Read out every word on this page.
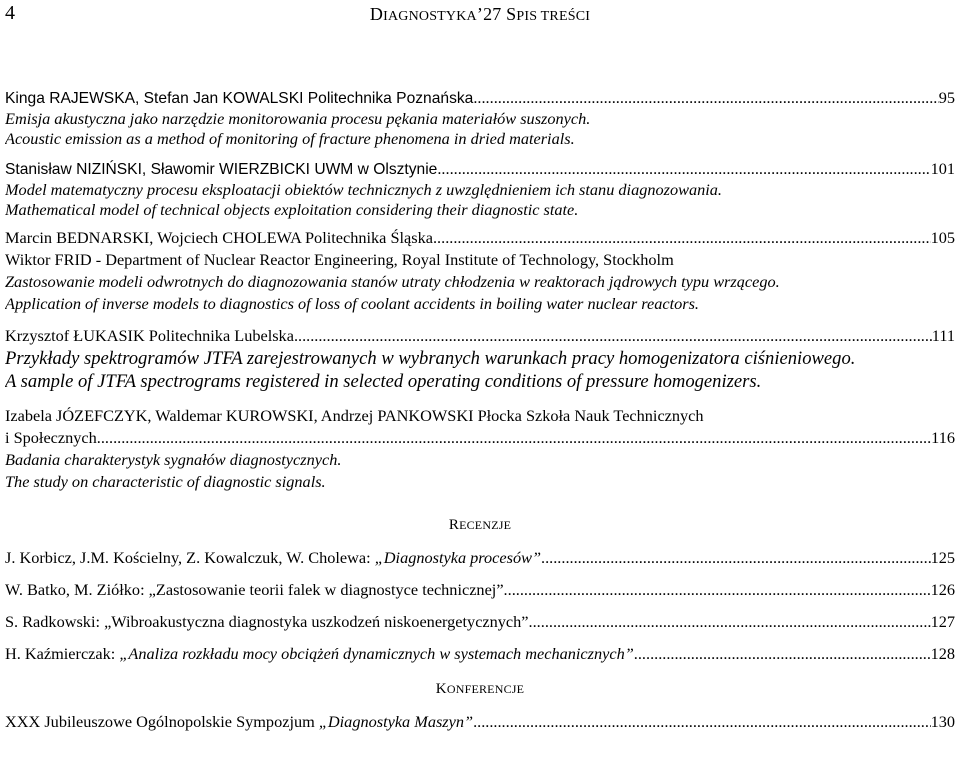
4	DIAGNOSTYKA’27 SPIS TREŚCI
Kinga RAJEWSKA, Stefan Jan KOWALSKI Politechnika Poznańska .....	95
Emisja akustyczna jako narzędzie monitorowania procesu pękania materiałów suszonych.
Acoustic emission as a method of monitoring of fracture phenomena in dried materials.
Stanisław NIZIŃSKI, Sławomir WIERZBICKI UWM w Olsztynie .....	101
Model matematyczny procesu eksploatacji obiektów technicznych z uwzględnieniem ich stanu diagnozowania.
Mathematical model of technical objects exploitation considering their diagnostic state.
Marcin BEDNARSKI, Wojciech CHOLEWA Politechnika Śląska .....	105
Wiktor FRID - Department of Nuclear Reactor Engineering, Royal Institute of Technology, Stockholm
Zastosowanie modeli odwrotnych do diagnozowania stanów utraty chłodzenia w reaktorach jądrowych typu wrzącego.
Application of inverse models to diagnostics of loss of coolant accidents in boiling water nuclear reactors.
Krzysztof ŁUKASIK Politechnika Lubelska .....	111
Przykłady spektrogramów JTFA zarejestrowanych w wybranych warunkach pracy homogenizatora ciśnieniowego.
A sample of JTFA spectrograms registered in selected operating conditions of pressure homogenizers.
Izabela JÓZEFCZYK, Waldemar KUROWSKI, Andrzej PANKOWSKI Płocka Szkoła Nauk Technicznych
i Społecznych .....	116
Badania charakterystyk sygnałów diagnostycznych.
The study on characteristic of diagnostic signals.
RECENZJE
J. Korbicz, J.M. Kościelny, Z. Kowalczuk, W. Cholewa: „Diagnostyka procesów” .....	125
W. Batko, M. Ziółko: „Zastosowanie teorii falek w diagnostyce technicznej” .....	126
S. Radkowski: „Wibroakustyczna diagnostyka uszkodzeń niskoenergetycznych” .....	127
H. Kaźmierczak: „Analiza rozkładu mocy obciążeń dynamicznych w systemach mechanicznych” .....	128
KONFERENCJE
XXX Jubileuszowe Ogólnopolskie Sympozjum „Diagnostyka Maszyn” .....	130
